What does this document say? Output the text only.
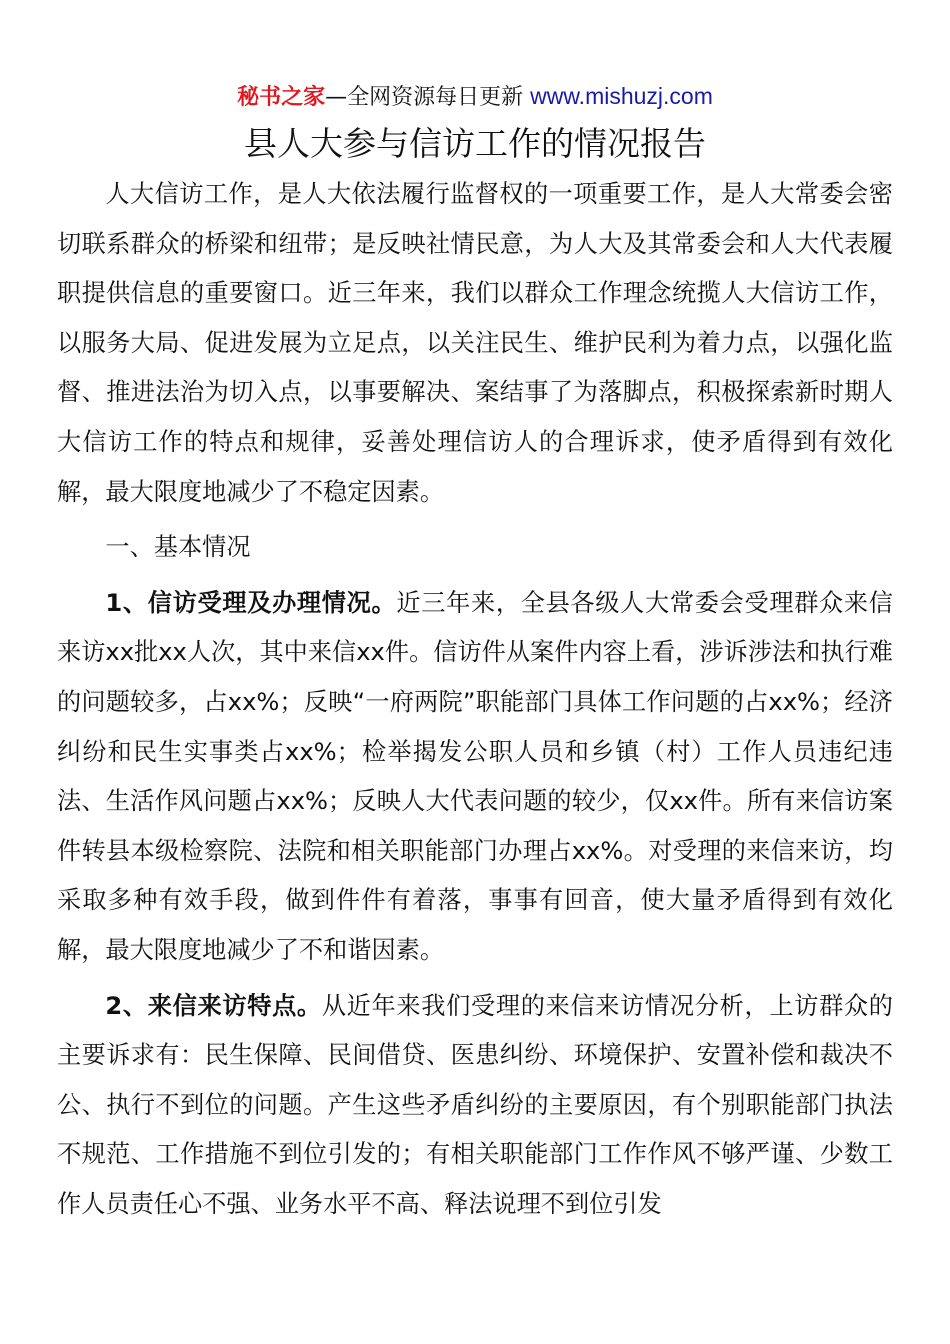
秘书之家—全网资源每日更新 www.mishuzj.com
县人大参与信访工作的情况报告

人大信访工作，是人大依法履行监督权的一项重要工作，是人大常委会密切联系群众的桥梁和纽带；是反映社情民意，为人大及其常委会和人大代表履职提供信息的重要窗口。近三年来，我们以群众工作理念统揽人大信访工作，以服务大局、促进发展为立足点，以关注民生、维护民利为着力点，以强化监督、推进法治为切入点，以事要解决、案结事了为落脚点，积极探索新时期人大信访工作的特点和规律，妥善处理信访人的合理诉求，使矛盾得到有效化解，最大限度地减少了不稳定因素。

一、基本情况

1、信访受理及办理情况。近三年来，全县各级人大常委会受理群众来信来访xx批xx人次，其中来信xx件。信访件从案件内容上看，涉诉涉法和执行难的问题较多，占xx%；反映“一府两院”职能部门具体工作问题的占xx%；经济纠纷和民生实事类占xx%；检举揭发公职人员和乡镇（村）工作人员违纪违法、生活作风问题占xx%；反映人大代表问题的较少，仅xx件。所有来信访案件转县本级检察院、法院和相关职能部门办理占xx%。对受理的来信来访，均采取多种有效手段，做到件件有着落，事事有回音，使大量矛盾得到有效化解，最大限度地减少了不和谐因素。

2、来信来访特点。从近年来我们受理的来信来访情况分析，上访群众的主要诉求有：民生保障、民间借贷、医患纠纷、环境保护、安置补偿和裁决不公、执行不到位的问题。产生这些矛盾纠纷的主要原因，有个别职能部门执法不规范、工作措施不到位引发的；有相关职能部门工作作风不够严谨、少数工作人员责任心不强、业务水平不高、释法说理不到位引发
